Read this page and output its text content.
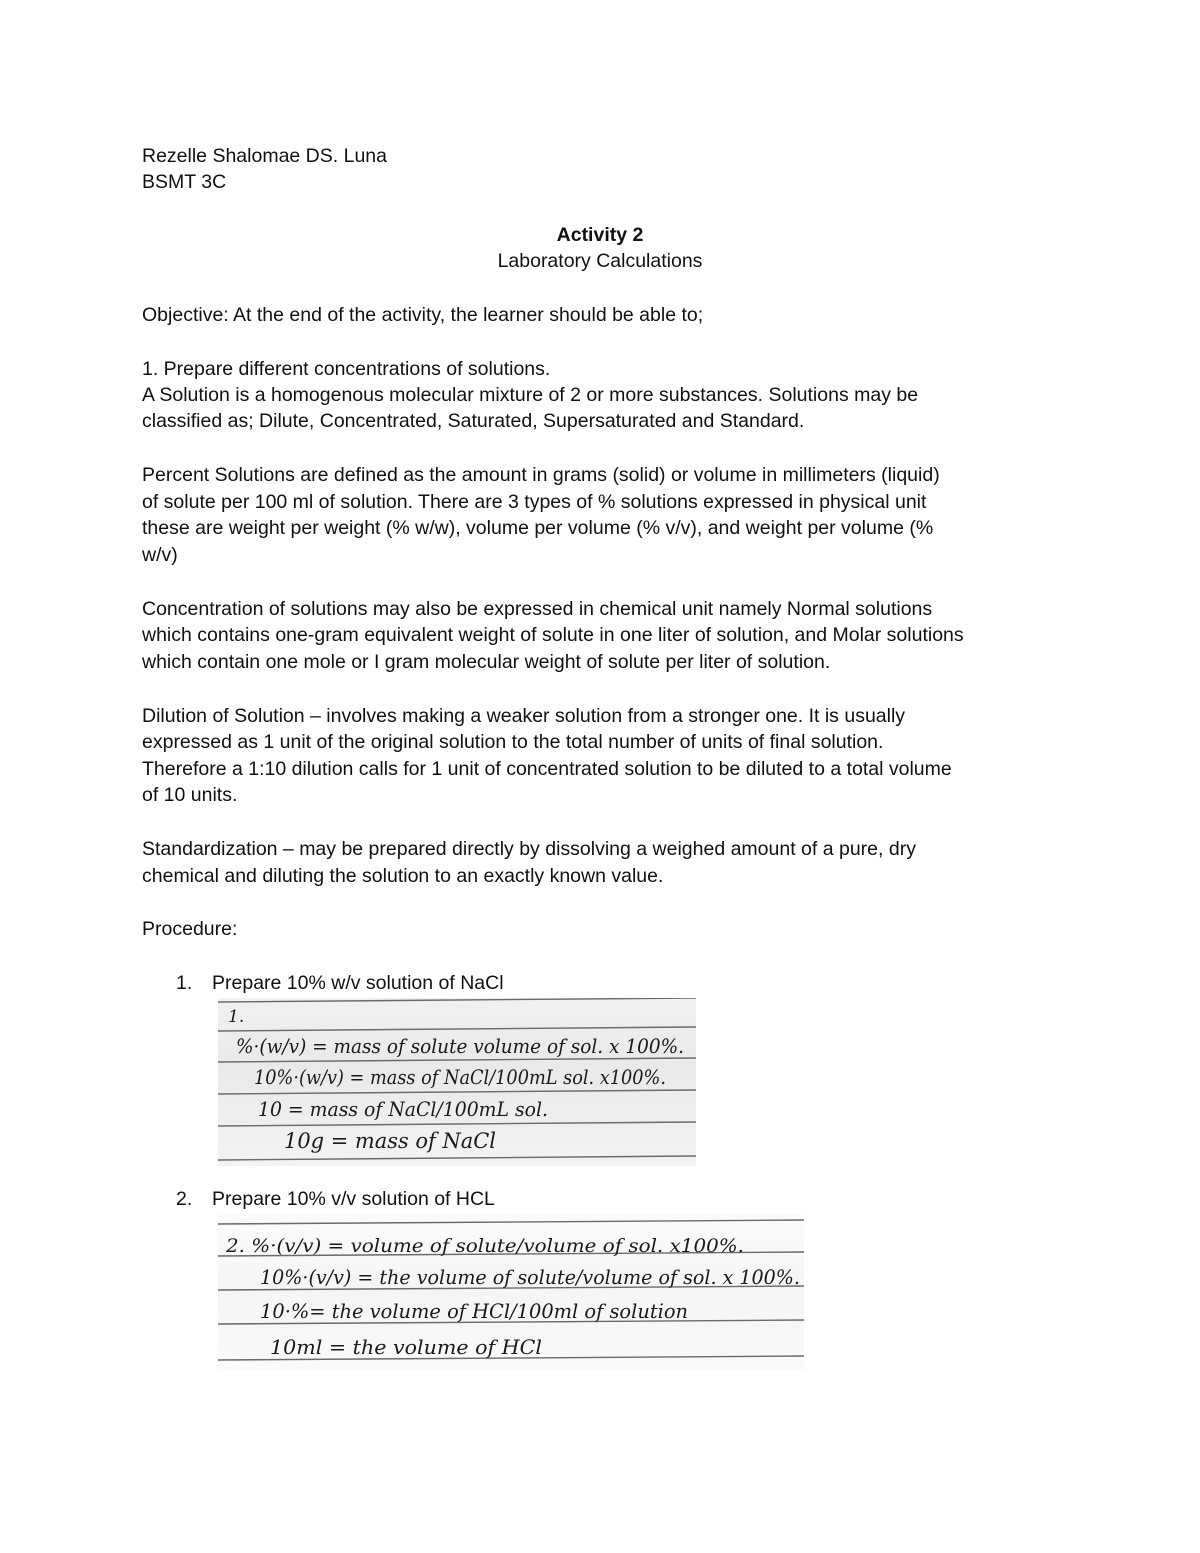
Rezelle Shalomae DS. Luna
BSMT 3C
Activity 2
Laboratory Calculations
Objective: At the end of the activity, the learner should be able to;
1. Prepare different concentrations of solutions.
A Solution is a homogenous molecular mixture of 2 or more substances. Solutions may be
classified as; Dilute, Concentrated, Saturated, Supersaturated and Standard.
Percent Solutions are defined as the amount in grams (solid) or volume in millimeters (liquid)
of solute per 100 ml of solution. There are 3 types of % solutions expressed in physical unit
these are weight per weight (% w/w), volume per volume (% v/v), and weight per volume (%
w/v)
Concentration of solutions may also be expressed in chemical unit namely Normal solutions
which contains one-gram equivalent weight of solute in one liter of solution, and Molar solutions
which contain one mole or I gram molecular weight of solute per liter of solution.
Dilution of Solution – involves making a weaker solution from a stronger one. It is usually
expressed as 1 unit of the original solution to the total number of units of final solution.
Therefore a 1:10 dilution calls for 1 unit of concentrated solution to be diluted to a total volume
of 10 units.
Standardization – may be prepared directly by dissolving a weighed amount of a pure, dry
chemical and diluting the solution to an exactly known value.
Procedure:
1. Prepare 10% w/v solution of NaCl
1.
%·(w/v) = mass of solute volume of sol. x 100%.
10%·(w/v) = mass of NaCl/100mL sol. x100%.
10 = mass of NaCl/100mL sol.
10g = mass of NaCl
2. Prepare 10% v/v solution of HCL
2. %·(v/v) = volume of solute/volume of sol. x100%.
10%·(v/v) = the volume of solute/volume of sol. x 100%.
10·%= the volume of HCl/100ml of solution
10ml = the volume of HCl
